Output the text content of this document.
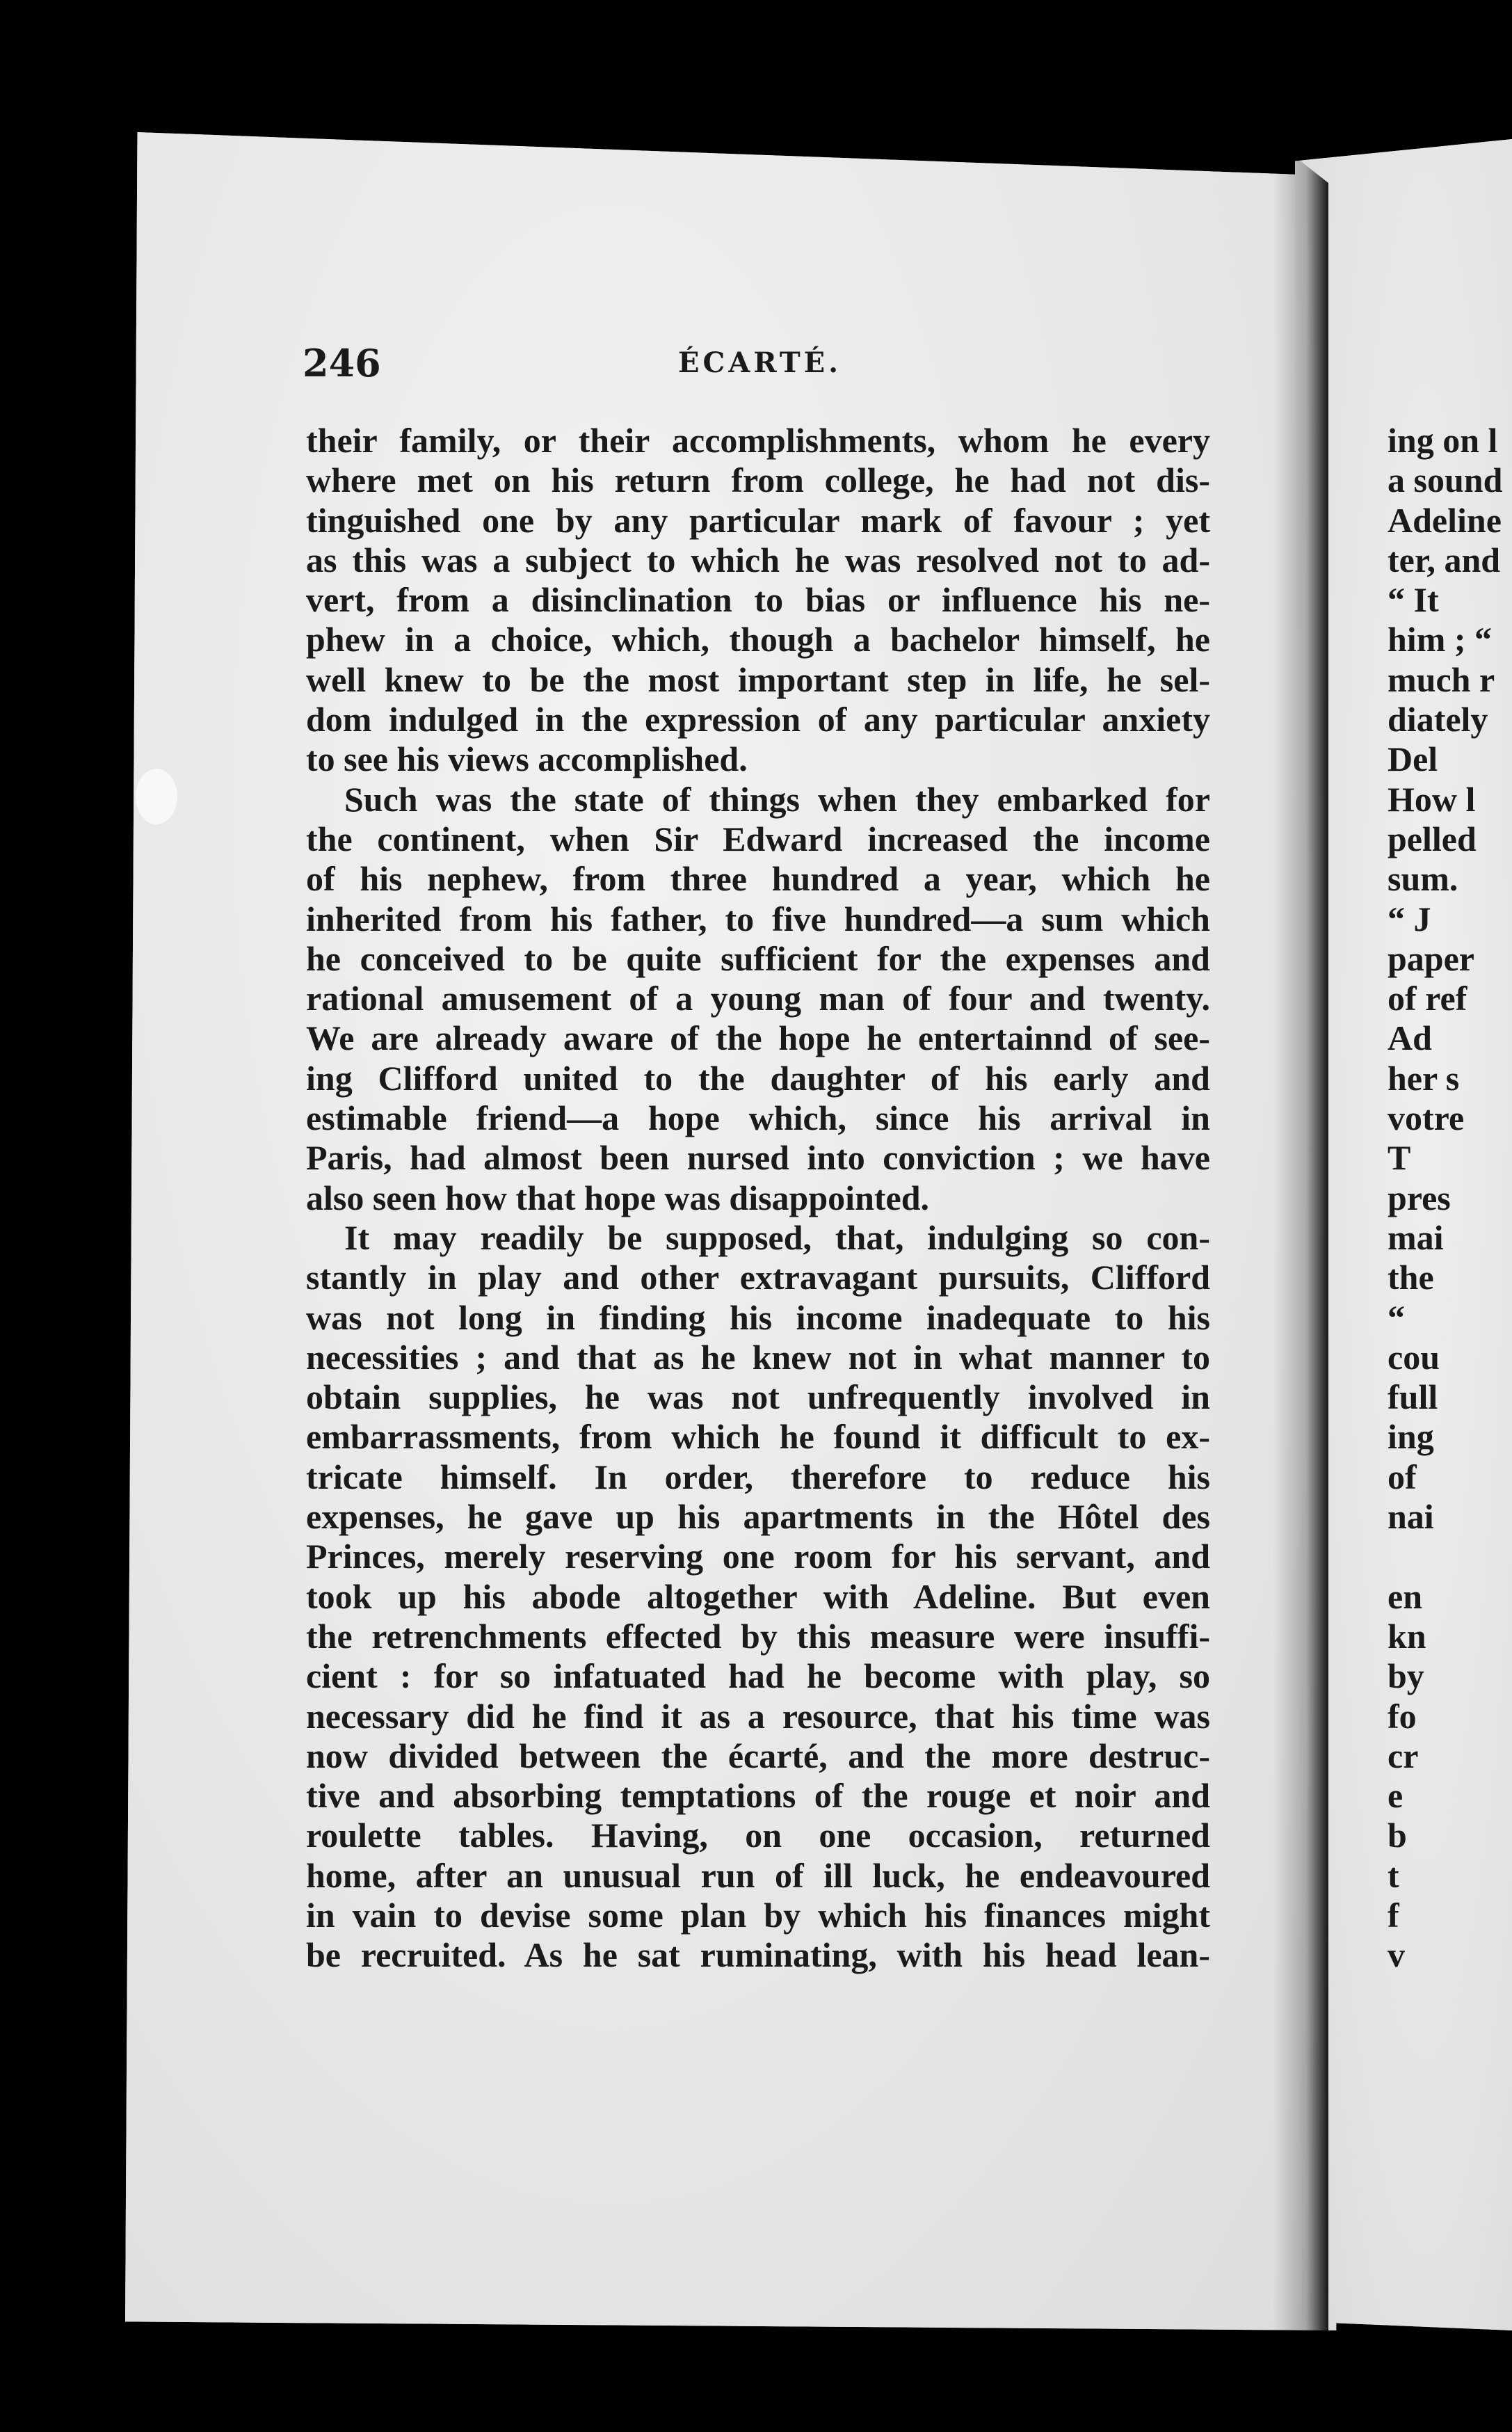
246	ÉCARTÉ.
their family, or their accomplishments, whom he every
where met on his return from college, he had not dis-
tinguished one by any particular mark of favour ; yet
as this was a subject to which he was resolved not to ad-
vert, from a disinclination to bias or influence his ne-
phew in a choice, which, though a bachelor himself, he
well knew to be the most important step in life, he sel-
dom indulged in the expression of any particular anxiety
to see his views accomplished.
Such was the state of things when they embarked for
the continent, when Sir Edward increased the income
of his nephew, from three hundred a year, which he
inherited from his father, to five hundred—a sum which
he conceived to be quite sufficient for the expenses and
rational amusement of a young man of four and twenty.
We are already aware of the hope he entertainnd of see-
ing Clifford united to the daughter of his early and
estimable friend—a hope which, since his arrival in
Paris, had almost been nursed into conviction ; we have
also seen how that hope was disappointed.
It may readily be supposed, that, indulging so con-
stantly in play and other extravagant pursuits, Clifford
was not long in finding his income inadequate to his
necessities ; and that as he knew not in what manner to
obtain supplies, he was not unfrequently involved in
embarrassments, from which he found it difficult to ex-
tricate himself. In order, therefore to reduce his
expenses, he gave up his apartments in the Hôtel des
Princes, merely reserving one room for his servant, and
took up his abode altogether with Adeline. But even
the retrenchments effected by this measure were insuffi-
cient : for so infatuated had he become with play, so
necessary did he find it as a resource, that his time was
now divided between the écarté, and the more destruc-
tive and absorbing temptations of the rouge et noir and
roulette tables. Having, on one occasion, returned
home, after an unusual run of ill luck, he endeavoured
in vain to devise some plan by which his finances might
be recruited. As he sat ruminating, with his head lean-
ing on l
a sound
Adeline
ter, and
“ It
him ; “
much r
diately
Del
How l
pelled
sum.
“ J
paper
of ref
Ad
her s
votre
T
pres
mai
the
“
cou
full
ing
of
nai

en
kn
by
fo
cr
e
b
t
f
v
